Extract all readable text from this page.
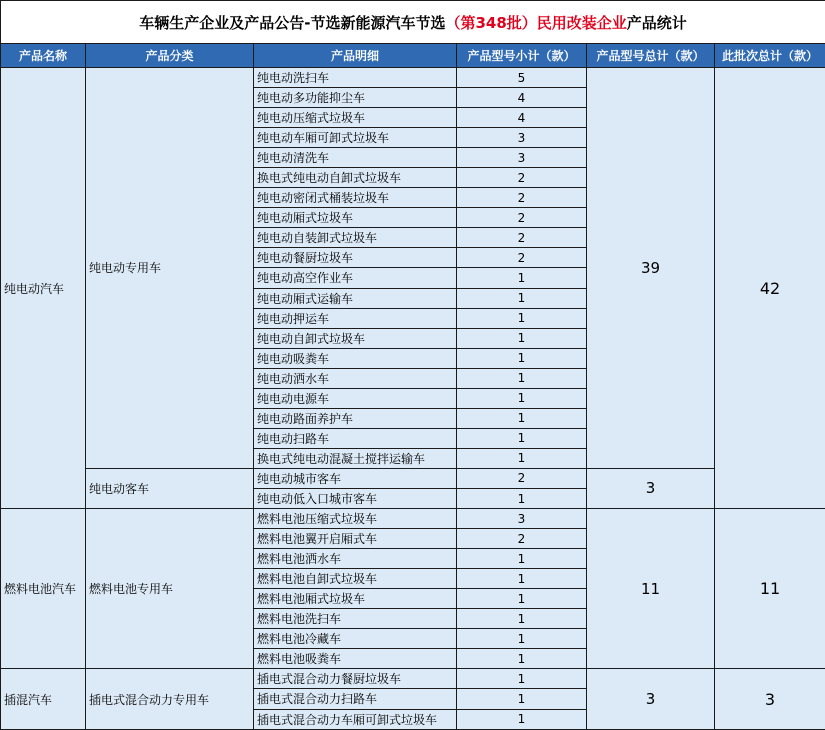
车辆生产企业及产品公告-节选新能源汽车节选（第348批）民用改装企业产品统计					
产品名称	产品分类	产品明细	产品型号小计（款）	产品型号总计（款）	此批次总计（款）
纯电动汽车	纯电动专用车	纯电动洗扫车	5	39	42
		纯电动多功能抑尘车	4		
		纯电动压缩式垃圾车	4		
		纯电动车厢可卸式垃圾车	3		
		纯电动清洗车	3		
		换电式纯电动自卸式垃圾车	2		
		纯电动密闭式桶装垃圾车	2		
		纯电动厢式垃圾车	2		
		纯电动自装卸式垃圾车	2		
		纯电动餐厨垃圾车	2		
		纯电动高空作业车	1		
		纯电动厢式运输车	1		
		纯电动押运车	1		
		纯电动自卸式垃圾车	1		
		纯电动吸粪车	1		
		纯电动洒水车	1		
		纯电动电源车	1		
		纯电动路面养护车	1		
		纯电动扫路车	1		
		换电式纯电动混凝土搅拌运输车	1		
	纯电动客车	纯电动城市客车	2	3	
		纯电动低入口城市客车	1		
燃料电池汽车	燃料电池专用车	燃料电池压缩式垃圾车	3	11	11
		燃料电池翼开启厢式车	2		
		燃料电池洒水车	1		
		燃料电池自卸式垃圾车	1		
		燃料电池厢式垃圾车	1		
		燃料电池洗扫车	1		
		燃料电池冷藏车	1		
		燃料电池吸粪车	1		
插混汽车	插电式混合动力专用车	插电式混合动力餐厨垃圾车	1	3	3
		插电式混合动力扫路车	1		
		插电式混合动力车厢可卸式垃圾车	1		
